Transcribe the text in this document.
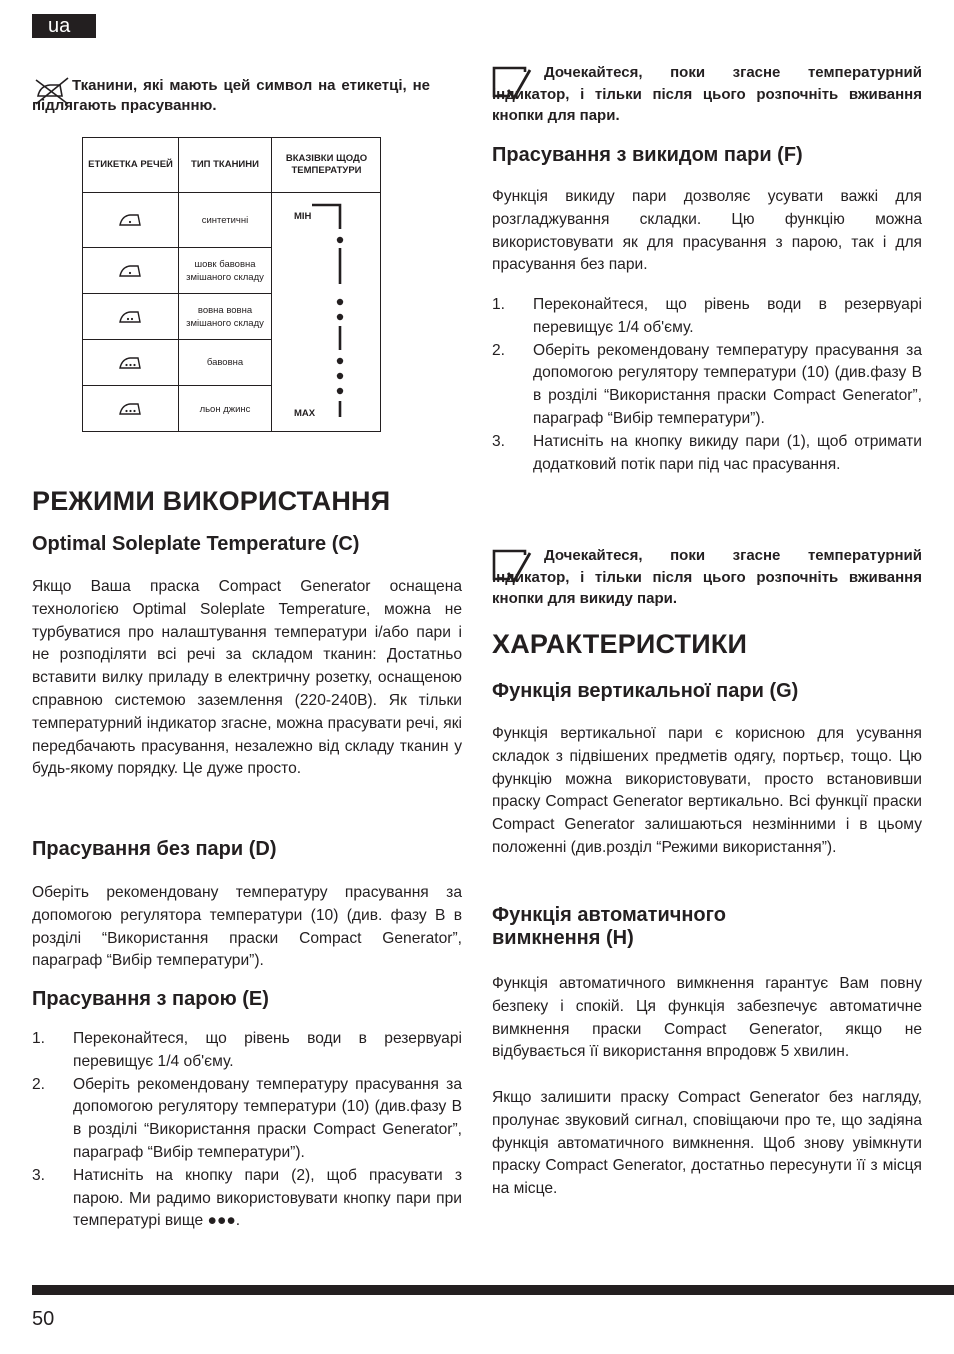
ua
Тканини, які мають цей символ на етикетці, не підлягають прасуванню.
ЕТИКЕТКА РЕЧЕЙ	ТИП ТКАНИНИ
ВКАЗІВКИ ЩОДО ТЕМПЕРАТУРИ
синтетичні
шовк бавовна змішаного складу
вовна вовна змішаного складу
бавовна
льон джинс
МІН
MAX
РЕЖИМИ ВИКОРИСТАННЯ
Optimal Soleplate Temperature (C)

Якщо Ваша праска Compact Generator оснащена технологією Optimal Soleplate Temperature, можна не турбуватися про налаштування температури і/або пари і не розподіляти всі речі за складом тканин: Достатньо вставити вилку приладу в електричну розетку, оснащеною справною системою заземлення (220-240В). Як тільки температурний індикатор згасне, можна прасувати речі, які передбачають прасування, незалежно від складу тканин у будь-якому порядку. Це дуже просто.

Прасування без пари (D)

Оберіть рекомендовану температуру прасування за допомогою регулятора температури (10) (див. фазу В в розділі “Використання праски Compact Generator”, параграф “Вибір температури”).

Прасування з парою (E)
1. Переконайтеся, що рівень води в резервуарі перевищує 1/4 об'єму.
2. Оберіть рекомендовану температуру прасування за допомогою регулятору температури (10) (див.фазу В в розділі “Використання праски Compact Generator”, параграф “Вибір температури”).
3. Натисніть на кнопку пари (2), щоб прасувати з парою. Ми радимо використовувати кнопку пари при температурі вище ●●●.
Дочекайтеся, поки згасне температурний індикатор, і тільки після цього розпочніть вживання кнопки для пари.
Прасування з викидом пари (F)

Функція викиду пари дозволяє усувати важкі для розгладжування складки. Цю функцію можна використовувати як для прасування з парою, так і для прасування без пари.

1. Переконайтеся, що рівень води в резервуарі перевищує 1/4 об'єму.
2. Оберіть рекомендовану температуру прасування за допомогою регулятору температури (10) (див.фазу В в розділі “Використання праски Compact Generator”, параграф “Вибір температури”).
3. Натисніть на кнопку викиду пари (1), щоб отримати додатковий потік пари під час прасування.
Дочекайтеся, поки згасне температурний індикатор, і тільки після цього розпочніть вживання кнопки для викиду пари.
ХАРАКТЕРИСТИКИ
Функція вертикальної пари (G)

Функція вертикальної пари є корисною для усування складок з підвішених предметів одягу, портьєр, тощо. Цю функцію можна використовувати, просто встановивши праску Compact Generator вертикально. Всі функції праски Compact Generator залишаються незмінними і в цьому положенні (див.розділ “Режими використання”).

Функція автоматичного
вимкнення (H)

Функція автоматичного вимкнення гарантує Вам повну безпеку і спокій. Ця функція забезпечує автоматичне вимкнення праски Compact Generator, якщо не відбувається її використання впродовж 5 хвилин.

Якщо залишити праску Compact Generator без нагляду, пролунає звуковий сигнал, сповіщаючи про те, що задіяна функція автоматичного вимкнення. Щоб знову увімкнути праску Compact Generator, достатньо пересунути її з місця на місце.

50
